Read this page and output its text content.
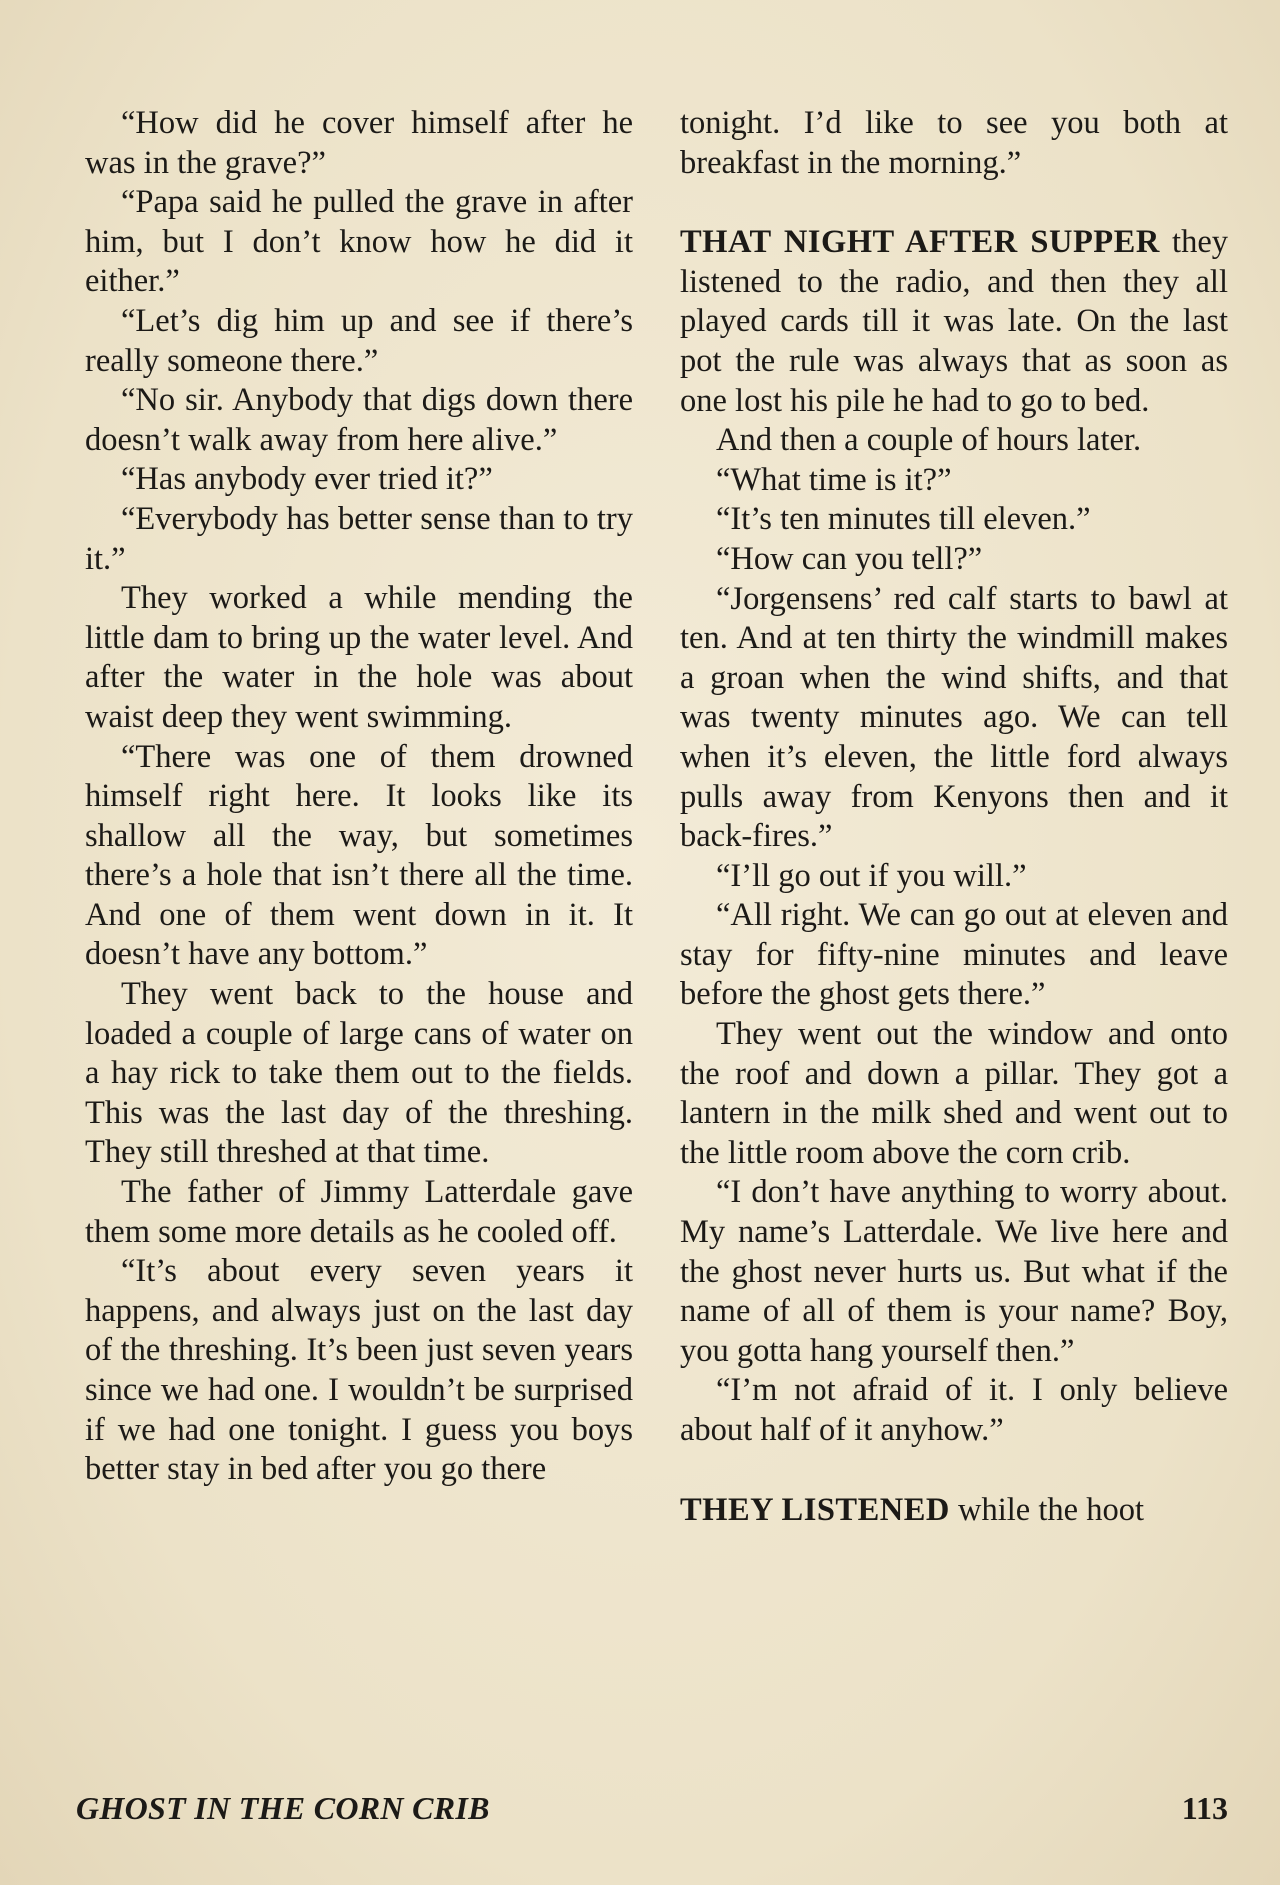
“How did he cover himself after he was in the grave?”

“Papa said he pulled the grave in after him, but I don’t know how he did it either.”

“Let’s dig him up and see if there’s really someone there.”

“No sir. Anybody that digs down there doesn’t walk away from here alive.”

“Has anybody ever tried it?”

“Everybody has better sense than to try it.”

They worked a while mending the little dam to bring up the water level. And after the water in the hole was about waist deep they went swimming.

“There was one of them drowned himself right here. It looks like its shallow all the way, but sometimes there’s a hole that isn’t there all the time. And one of them went down in it. It doesn’t have any bottom.”

They went back to the house and loaded a couple of large cans of water on a hay rick to take them out to the fields. This was the last day of the threshing. They still threshed at that time.

The father of Jimmy Latterdale gave them some more details as he cooled off.

“It’s about every seven years it happens, and always just on the last day of the threshing. It’s been just seven years since we had one. I wouldn’t be surprised if we had one tonight. I guess you boys better stay in bed after you go there

tonight. I’d like to see you both at breakfast in the morning.”

THAT NIGHT AFTER SUPPER they listened to the radio, and then they all played cards till it was late. On the last pot the rule was always that as soon as one lost his pile he had to go to bed.

And then a couple of hours later.

“What time is it?”

“It’s ten minutes till eleven.”

“How can you tell?”

“Jorgensens’ red calf starts to bawl at ten. And at ten thirty the windmill makes a groan when the wind shifts, and that was twenty minutes ago. We can tell when it’s eleven, the little ford always pulls away from Kenyons then and it back-fires.”

“I’ll go out if you will.”

“All right. We can go out at eleven and stay for fifty-nine minutes and leave before the ghost gets there.”

They went out the window and onto the roof and down a pillar. They got a lantern in the milk shed and went out to the little room above the corn crib.

“I don’t have anything to worry about. My name’s Latterdale. We live here and the ghost never hurts us. But what if the name of all of them is your name? Boy, you gotta hang yourself then.”

“I’m not afraid of it. I only believe about half of it anyhow.”

THEY LISTENED while the hoot

GHOST IN THE CORN CRIB	113
